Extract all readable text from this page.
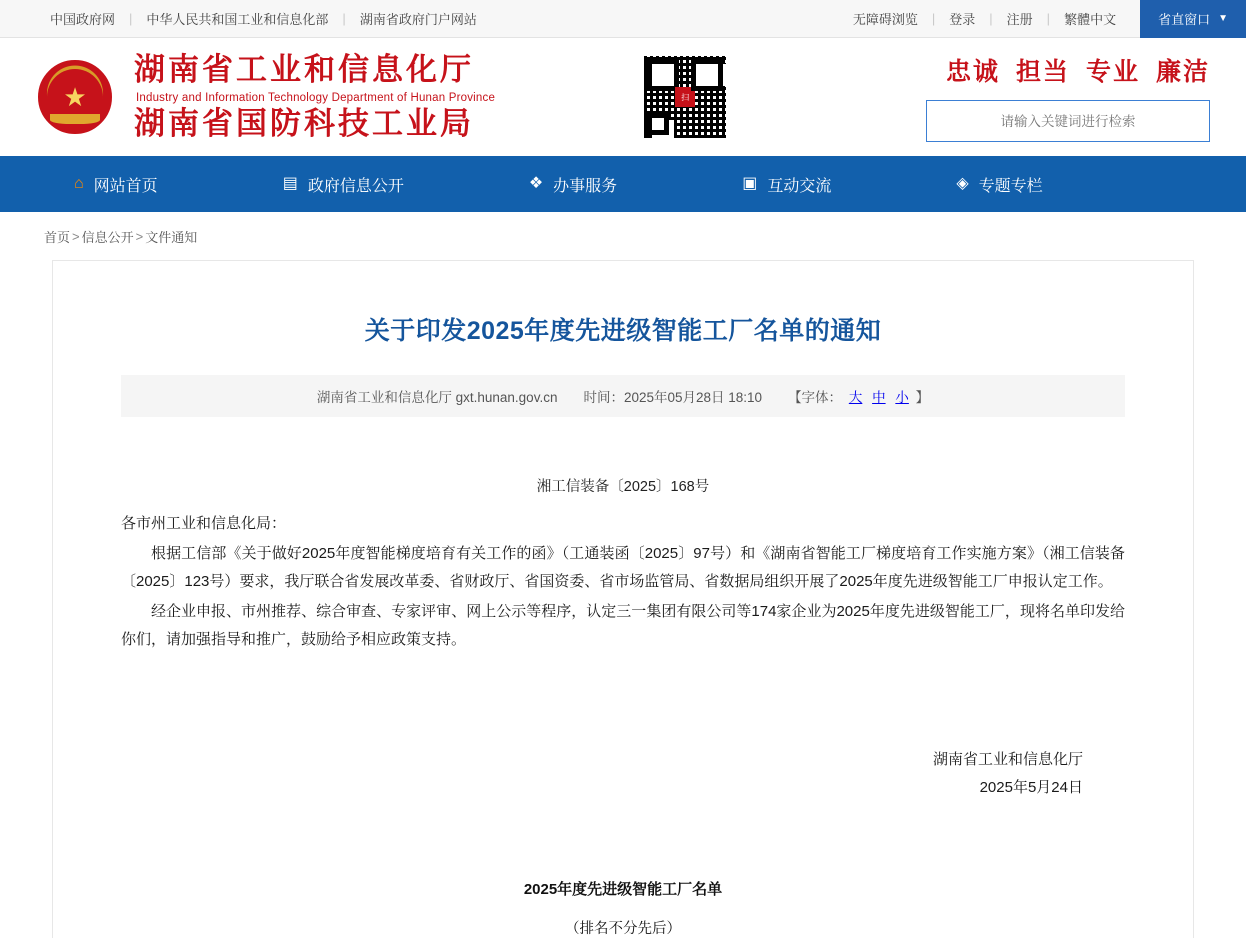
中国政府网	|	中华人民共和国工业和信息化部	|	湖南省政府门户网站	无障碍浏览	|	登录	|	注册	|	繁體中文	省直窗口 ▼
★
湖南省工业和信息化厅
Industry and Information Technology Department of Hunan Province
湖南省国防科技工业局
扫
忠诚 担当 专业 廉洁
请输入关键词进行检索
⌂ 网站首页	▤ 政府信息公开	❖ 办事服务	▣ 互动交流	◈ 专题专栏
首页 > 信息公开 > 文件通知
关于印发2025年度先进级智能工厂名单的通知
湖南省工业和信息化厅 gxt.hunan.gov.cn 时间：2025年05月28日 18:10 【字体： 大 中 小 】
湘工信装备〔2025〕168号

各市州工业和信息化局：

根据工信部《关于做好2025年度智能梯度培育有关工作的函》（工通装函〔2025〕97号）和《湖南省智能工厂梯度培育工作实施方案》（湘工信装备〔2025〕123号）要求，我厅联合省发展改革委、省财政厅、省国资委、省市场监管局、省数据局组织开展了2025年度先进级智能工厂申报认定工作。

经企业申报、市州推荐、综合审查、专家评审、网上公示等程序，认定三一集团有限公司等174家企业为2025年度先进级智能工厂，现将名单印发给你们，请加强指导和推广，鼓励给予相应政策支持。

湖南省工业和信息化厅
2025年5月24日
2025年度先进级智能工厂名单
（排名不分先后）
